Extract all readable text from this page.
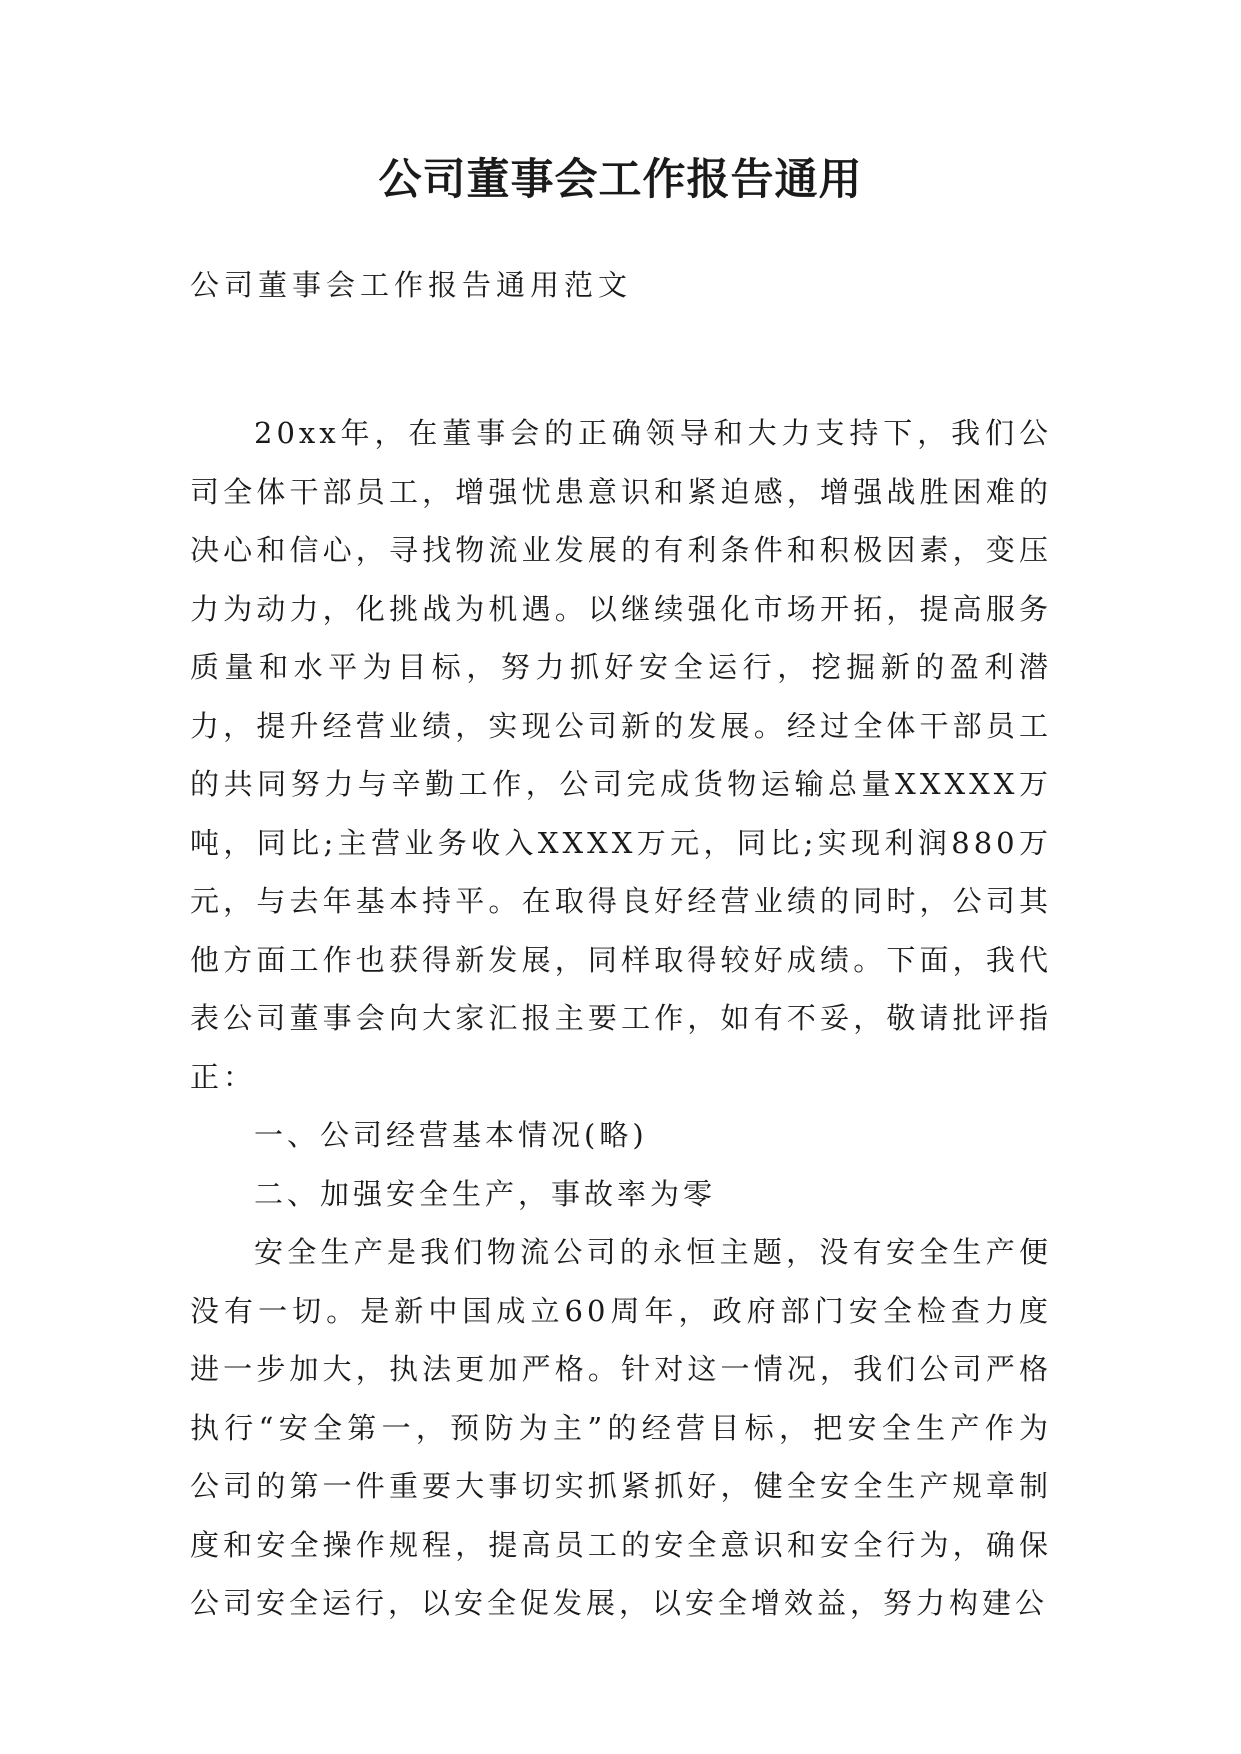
公司董事会工作报告通用
公司董事会工作报告通用范文

20xx年，在董事会的正确领导和大力支持下，我们公司全体干部员工，增强忧患意识和紧迫感，增强战胜困难的决心和信心，寻找物流业发展的有利条件和积极因素，变压力为动力，化挑战为机遇。以继续强化市场开拓，提高服务质量和水平为目标，努力抓好安全运行，挖掘新的盈利潜力，提升经营业绩，实现公司新的发展。经过全体干部员工的共同努力与辛勤工作，公司完成货物运输总量XXXXX万吨，同比;主营业务收入XXXX万元，同比;实现利润880万元，与去年基本持平。在取得良好经营业绩的同时，公司其他方面工作也获得新发展，同样取得较好成绩。下面，我代表公司董事会向大家汇报主要工作，如有不妥，敬请批评指正：

一、公司经营基本情况(略)

二、加强安全生产，事故率为零

安全生产是我们物流公司的永恒主题，没有安全生产便没有一切。是新中国成立60周年，政府部门安全检查力度进一步加大，执法更加严格。针对这一情况，我们公司严格执行“安全第一，预防为主”的经营目标，把安全生产作为公司的第一件重要大事切实抓紧抓好，健全安全生产规章制度和安全操作规程，提高员工的安全意识和安全行为，确保公司安全运行，以安全促发展，以安全增效益，努力构建公
